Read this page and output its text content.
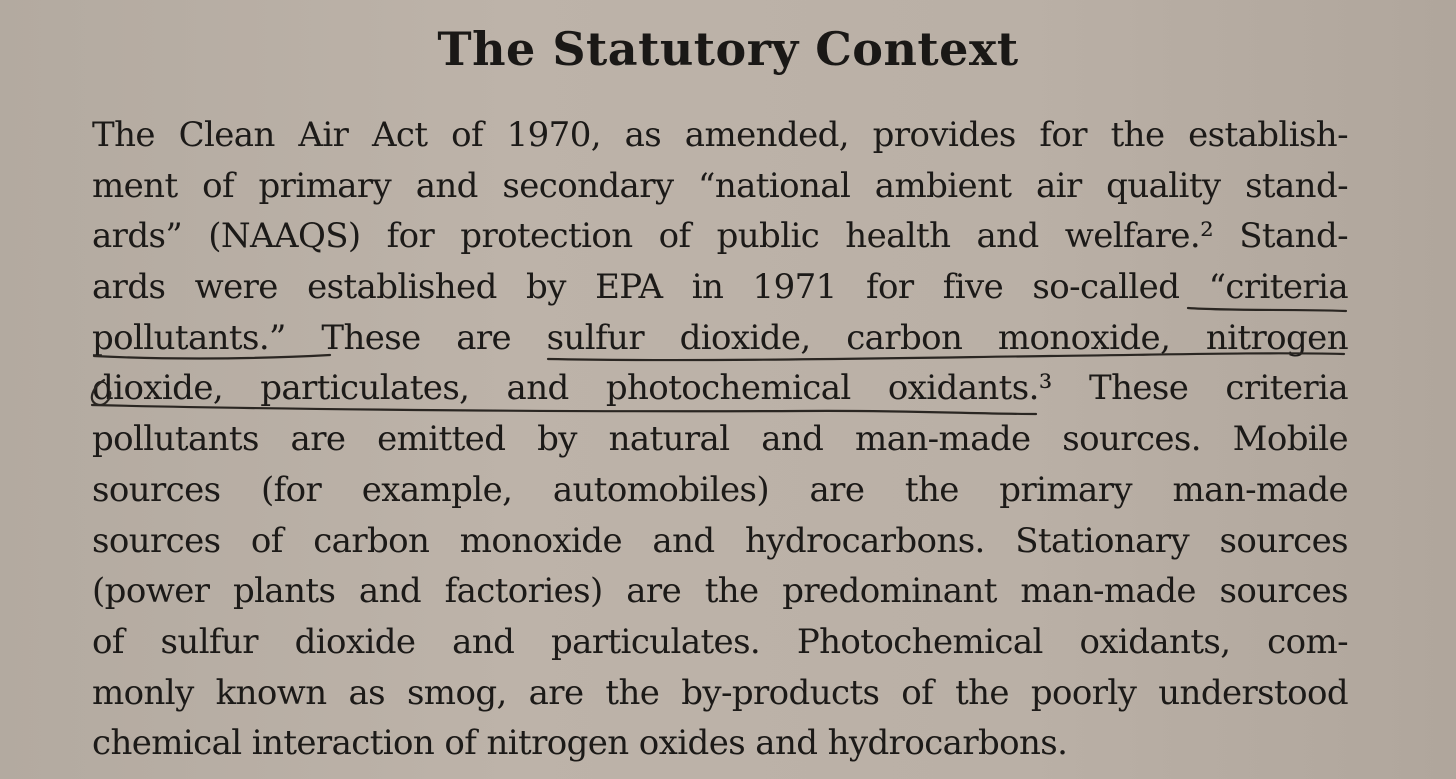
The Statutory Context
The Clean Air Act of 1970, as amended, provides for the establish-
ment of primary and secondary “national ambient air quality stand-
ards” (NAAQS) for protection of public health and welfare.² Stand-
ards were established by EPA in 1971 for five so-called “criteria
pollutants.” These are sulfur dioxide, carbon monoxide, nitrogen
dioxide, particulates, and photochemical oxidants.³ These criteria
pollutants are emitted by natural and man-made sources. Mobile
sources (for example, automobiles) are the primary man-made
sources of carbon monoxide and hydrocarbons. Stationary sources
(power plants and factories) are the predominant man-made sources
of sulfur dioxide and particulates. Photochemical oxidants, com-
monly known as smog, are the by-products of the poorly understood
chemical interaction of nitrogen oxides and hydrocarbons.
